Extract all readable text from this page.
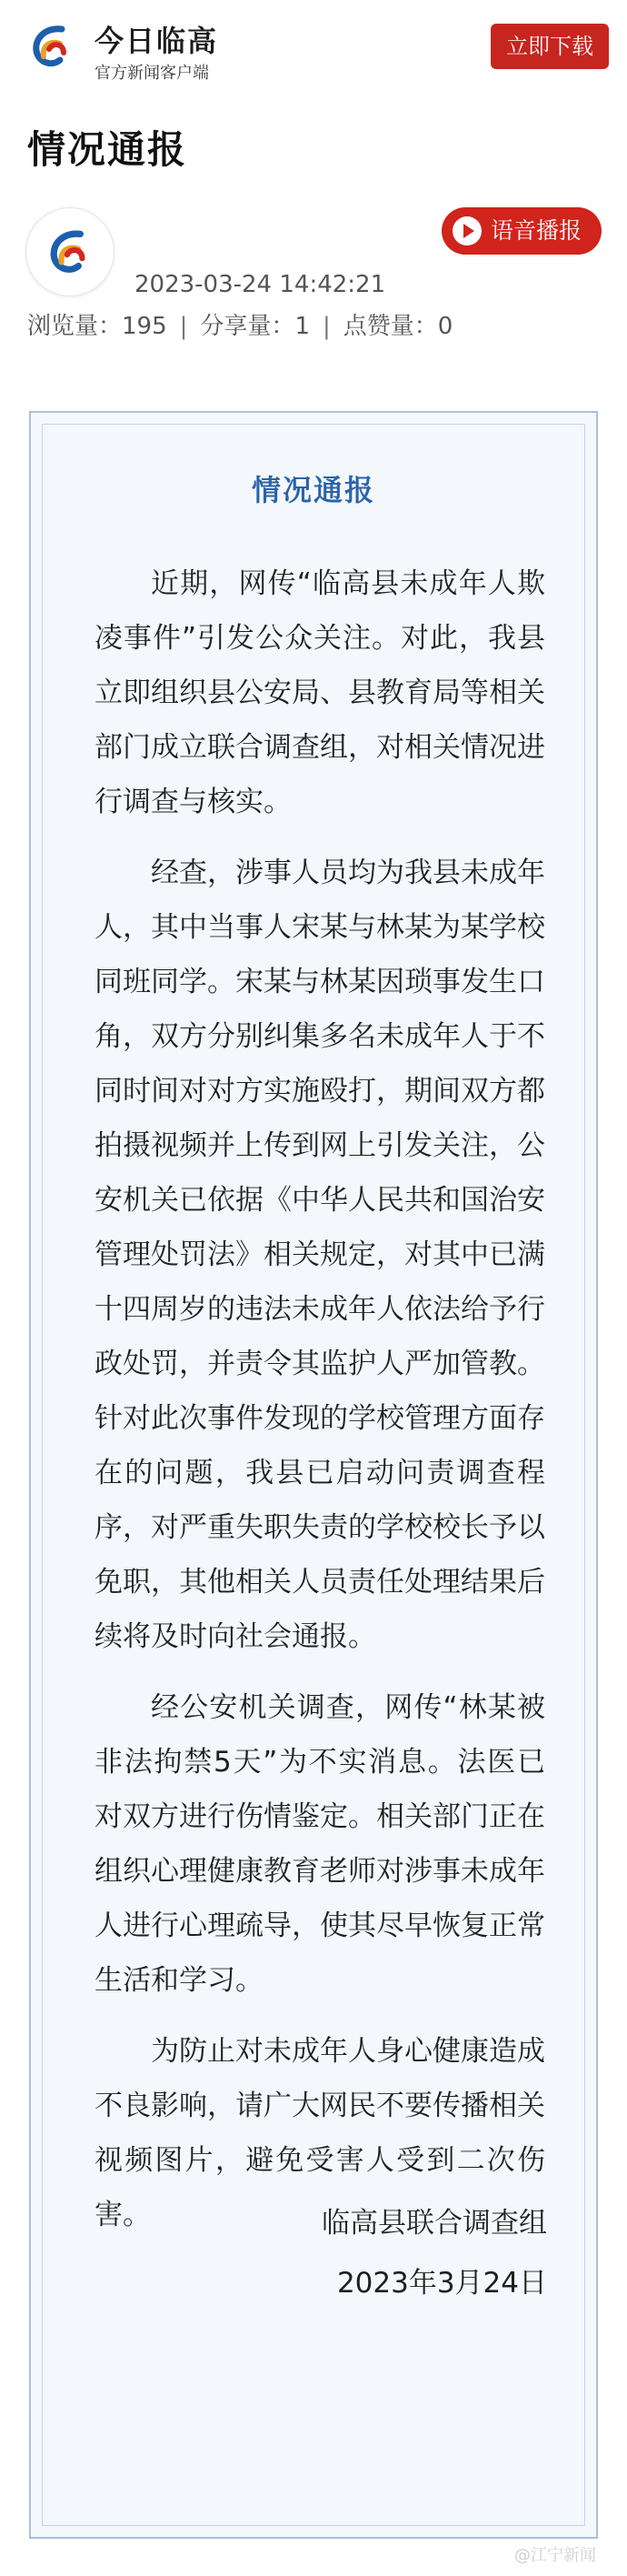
今日临高
官方新闻客户端
立即下载
情况通报
2023-03-24 14:42:21
语音播报
浏览量：195 | 分享量：1 | 点赞量：0
情况通报

近期，网传“临高县未成年人欺凌事件”引发公众关注。对此，我县立即组织县公安局、县教育局等相关部门成立联合调查组，对相关情况进行调查与核实。

经查，涉事人员均为我县未成年人，其中当事人宋某与林某为某学校同班同学。宋某与林某因琐事发生口角，双方分别纠集多名未成年人于不同时间对对方实施殴打，期间双方都拍摄视频并上传到网上引发关注，公安机关已依据《中华人民共和国治安管理处罚法》相关规定，对其中已满十四周岁的违法未成年人依法给予行政处罚，并责令其监护人严加管教。针对此次事件发现的学校管理方面存在的问题，我县已启动问责调查程序，对严重失职失责的学校校长予以免职，其他相关人员责任处理结果后续将及时向社会通报。

经公安机关调查，网传“林某被非法拘禁5天”为不实消息。法医已对双方进行伤情鉴定。相关部门正在组织心理健康教育老师对涉事未成年人进行心理疏导，使其尽早恢复正常生活和学习。

为防止对未成年人身心健康造成不良影响，请广大网民不要传播相关视频图片，避免受害人受到二次伤害。	临高县联合调查组
2023年3月24日
@江宁新闻
